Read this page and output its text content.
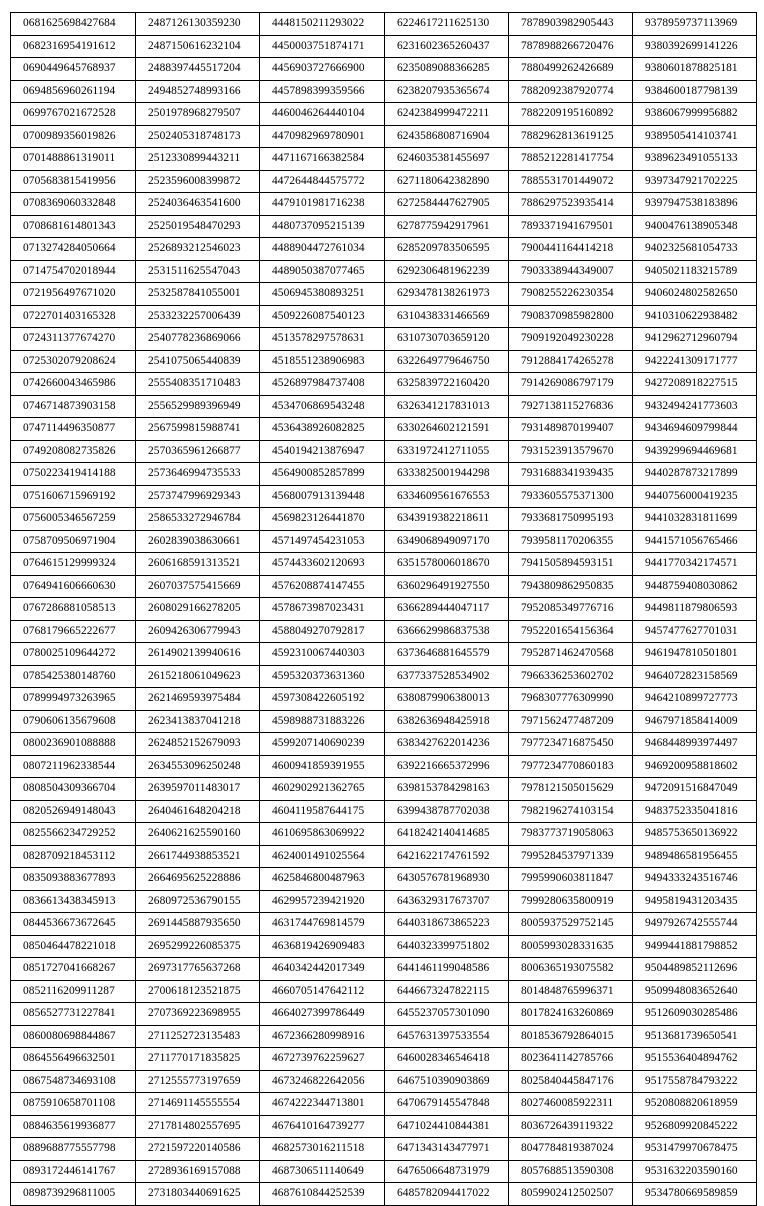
0681625698427684	2487126130359230	4448150211293022	6224617211625130	7878903982905443	9378959737113969
0682316954191612	2487150616232104	4450003751874171	6231602365260437	7878988266720476	9380392699141226
0690449645768937	2488397445517204	4456903727666900	6235089088366285	7880499262426689	9380601878825181
0694856960261194	2494852748993166	4457898399359566	6238207935365674	7882092387920774	9384600187798139
0699767021672528	2501978968279507	4460046264440104	6242384999472211	7882209195160892	9386067999956882
0700989356019826	2502405318748173	4470982969780901	6243586808716904	7882962813619125	9389505414103741
0701488861319011	2512330899443211	4471167166382584	6246035381455697	7885212281417754	9389623491055133
0705683815419956	2523596008399872	4472644844575772	6271180642382890	7885531701449072	9397347921702225
0708369060332848	2524036463541600	4479101981716238	6272584447627905	7886297523935414	9397947538183896
0708681614801343	2525019548470293	4480737095215139	6278775942917961	7893371941679501	9400476138905348
0713274284050664	2526893212546023	4488904472761034	6285209783506595	7900441164414218	9402325681054733
0714754702018944	2531511625547043	4489050387077465	6292306481962239	7903338944349007	9405021183215789
0721956497671020	2532587841055001	4506945380893251	6293478138261973	7908255226230354	9406024802582650
0722701403165328	2533232257006439	4509226087540123	6310438331466569	7908370985982800	9410310622938482
0724311377674270	2540778236869066	4513578297578631	6310730703659120	7909192049230228	9412962712960794
0725302079208624	2541075065440839	4518551238906983	6322649779646750	7912884174265278	9422241309171777
0742660043465986	2555408351710483	4526897984737408	6325839722160420	7914269086797179	9427208918227515
0746714873903158	2556529989396949	4534706869543248	6326341217831013	7927138115276836	9432494241773603
0747114496350877	2567599815988741	4536438926082825	6330264602121591	7931489870199407	9434694609799844
0749208082735826	2570365961266877	4540194213876947	6331972412711055	7931523913579670	9439299694469681
0750223419414188	2573646994735533	4564900852857899	6333825001944298	7931688341939435	9440287873217899
0751606715969192	2573747996929343	4568007913139448	6334609561676553	7933605575371300	9440756000419235
0756005346567259	2586533272946784	4569823126441870	6343919382218611	7933681750995193	9441032831811699
0758709506971904	2602839038630661	4571497454231053	6349068949097170	7939581170206355	9441571056765466
0764615129999324	2606168591313521	4574433602120693	6351578006018670	7941505894593151	9441770342174571
0764941606660630	2607037575415669	4576208874147455	6360296491927550	7943809862950835	9448759408030862
0767286881058513	2608029166278205	4578673987023431	6366289444047117	7952085349776716	9449811879806593
0768179665222677	2609426306779943	4588049270792817	6366629986837538	7952201654156364	9457477627701031
0780025109644272	2614902139940616	4592310067440303	6373646881645579	7952871462470568	9461947810501801
0785425380148760	2615218061049623	4595320373631360	6377337528534902	7966336253602702	9464072823158569
0789994973263965	2621469593975484	4597308422605192	6380879906380013	7968307776309990	9464210899727773
0790606135679608	2623413837041218	4598988731883226	6382636948425918	7971562477487209	9467971858414009
0800236901088888	2624852152679093	4599207140690239	6383427622014236	7977234716875450	9468448993974497
0807211962338544	2634553096250248	4600941859391955	6392216665372996	7977234770860183	9469200958818602
0808504309366704	2639597011483017	4602902921362765	6398153784298163	7978121505015629	9472091516847049
0820526949148043	2640461648204218	4604119587644175	6399438787702038	7982196274103154	9483752335041816
0825566234729252	2640621625590160	4610695863069922	6418242140414685	7983773719058063	9485753650136922
0828709218453112	2661744938853521	4624001491025564	6421622174761592	7995284537971339	9489486581956455
0835093883677893	2664695625228886	4625846800487963	6430576781968930	7995990603811847	9494333243516746
0836613438345913	2680972536790155	4629957239421920	6436329317673707	7999280635800919	9495819431203435
0844536673672645	2691445887935650	4631744769814579	6440318673865223	8005937529752145	9497926742555744
0850464478221018	2695299226085375	4636819426909483	6440323399751802	8005993028331635	9499441881798852
0851727041668267	2697317765637268	4640342442017349	6441461199048586	8006365193075582	9504489852112696
0852116209911287	2700618123521875	4660705147642112	6446673247822115	8014848765996371	9509948083652640
0856527731227841	2707369223698955	4664027399786449	6455237057301090	8017824163260869	9512609030285486
0860080698844867	2711252723135483	4672366280998916	6457631397533554	8018536792864015	9513681739650541
0864556496632501	2711770171835825	4672739762259627	6460028346546418	8023641142785766	9515536404894762
0867548734693108	2712555773197659	4673246822642056	6467510390903869	8025840445847176	9517558784793222
0875910658701108	2714691145555554	4674222344713801	6470679145547848	8027460085922311	9520808820618959
0884635619936877	2717814802557695	4676410164739277	6471024410844381	8036726439119322	9526809920845222
0889688775557798	2721597220140586	4682573016211518	6471343143477971	8047784819387024	9531479970678475
0893172446141767	2728936169157088	4687306511140649	6476506648731979	8057688513590308	9531632203590160
0898739296811005	2731803440691625	4687610844252539	6485782094417022	8059902412502507	9534780669589859
